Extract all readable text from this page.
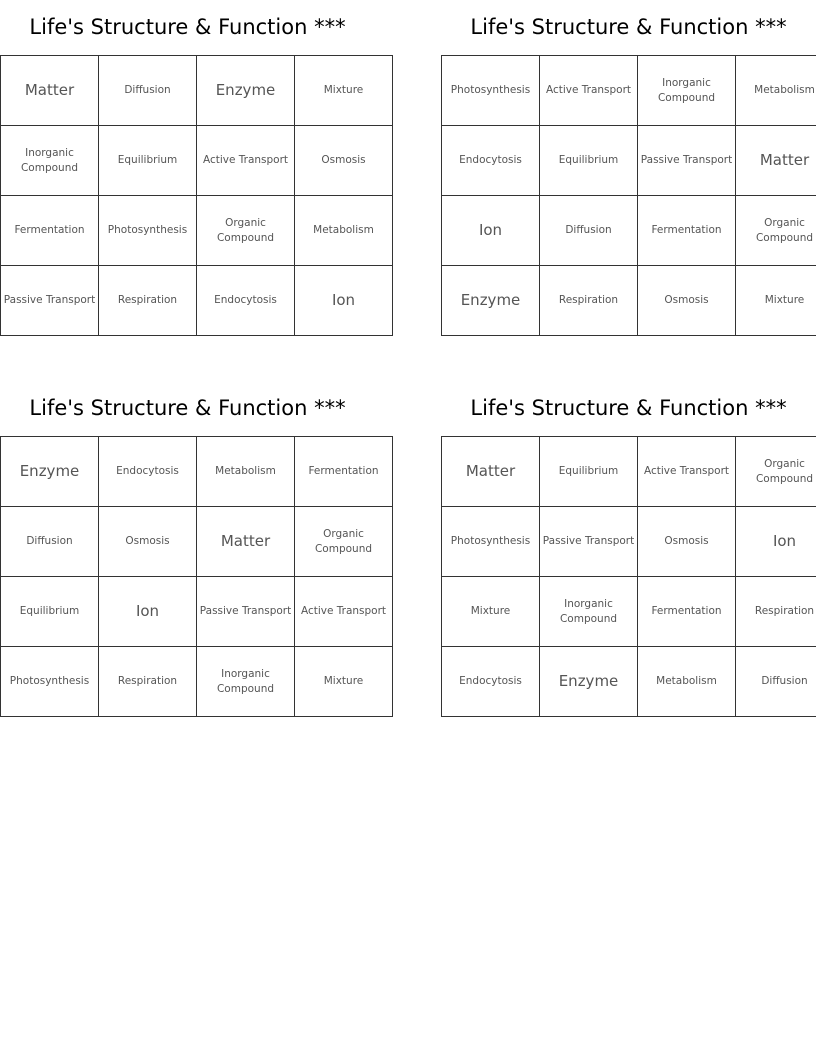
Life's Structure & Function ***
Matter	Diffusion	Enzyme	Mixture
Inorganic Compound	Equilibrium	Active Transport	Osmosis
Fermentation	Photosynthesis	Organic Compound	Metabolism
Passive Transport	Respiration	Endocytosis	Ion
Life's Structure & Function ***
Photosynthesis	Active Transport	Inorganic Compound	Metabolism
Endocytosis	Equilibrium	Passive Transport	Matter
Ion	Diffusion	Fermentation	Organic Compound
Enzyme	Respiration	Osmosis	Mixture
Life's Structure & Function ***
Enzyme	Endocytosis	Metabolism	Fermentation
Diffusion	Osmosis	Matter	Organic Compound
Equilibrium	Ion	Passive Transport	Active Transport
Photosynthesis	Respiration	Inorganic Compound	Mixture
Life's Structure & Function ***
Matter	Equilibrium	Active Transport	Organic Compound
Photosynthesis	Passive Transport	Osmosis	Ion
Mixture	Inorganic Compound	Fermentation	Respiration
Endocytosis	Enzyme	Metabolism	Diffusion
